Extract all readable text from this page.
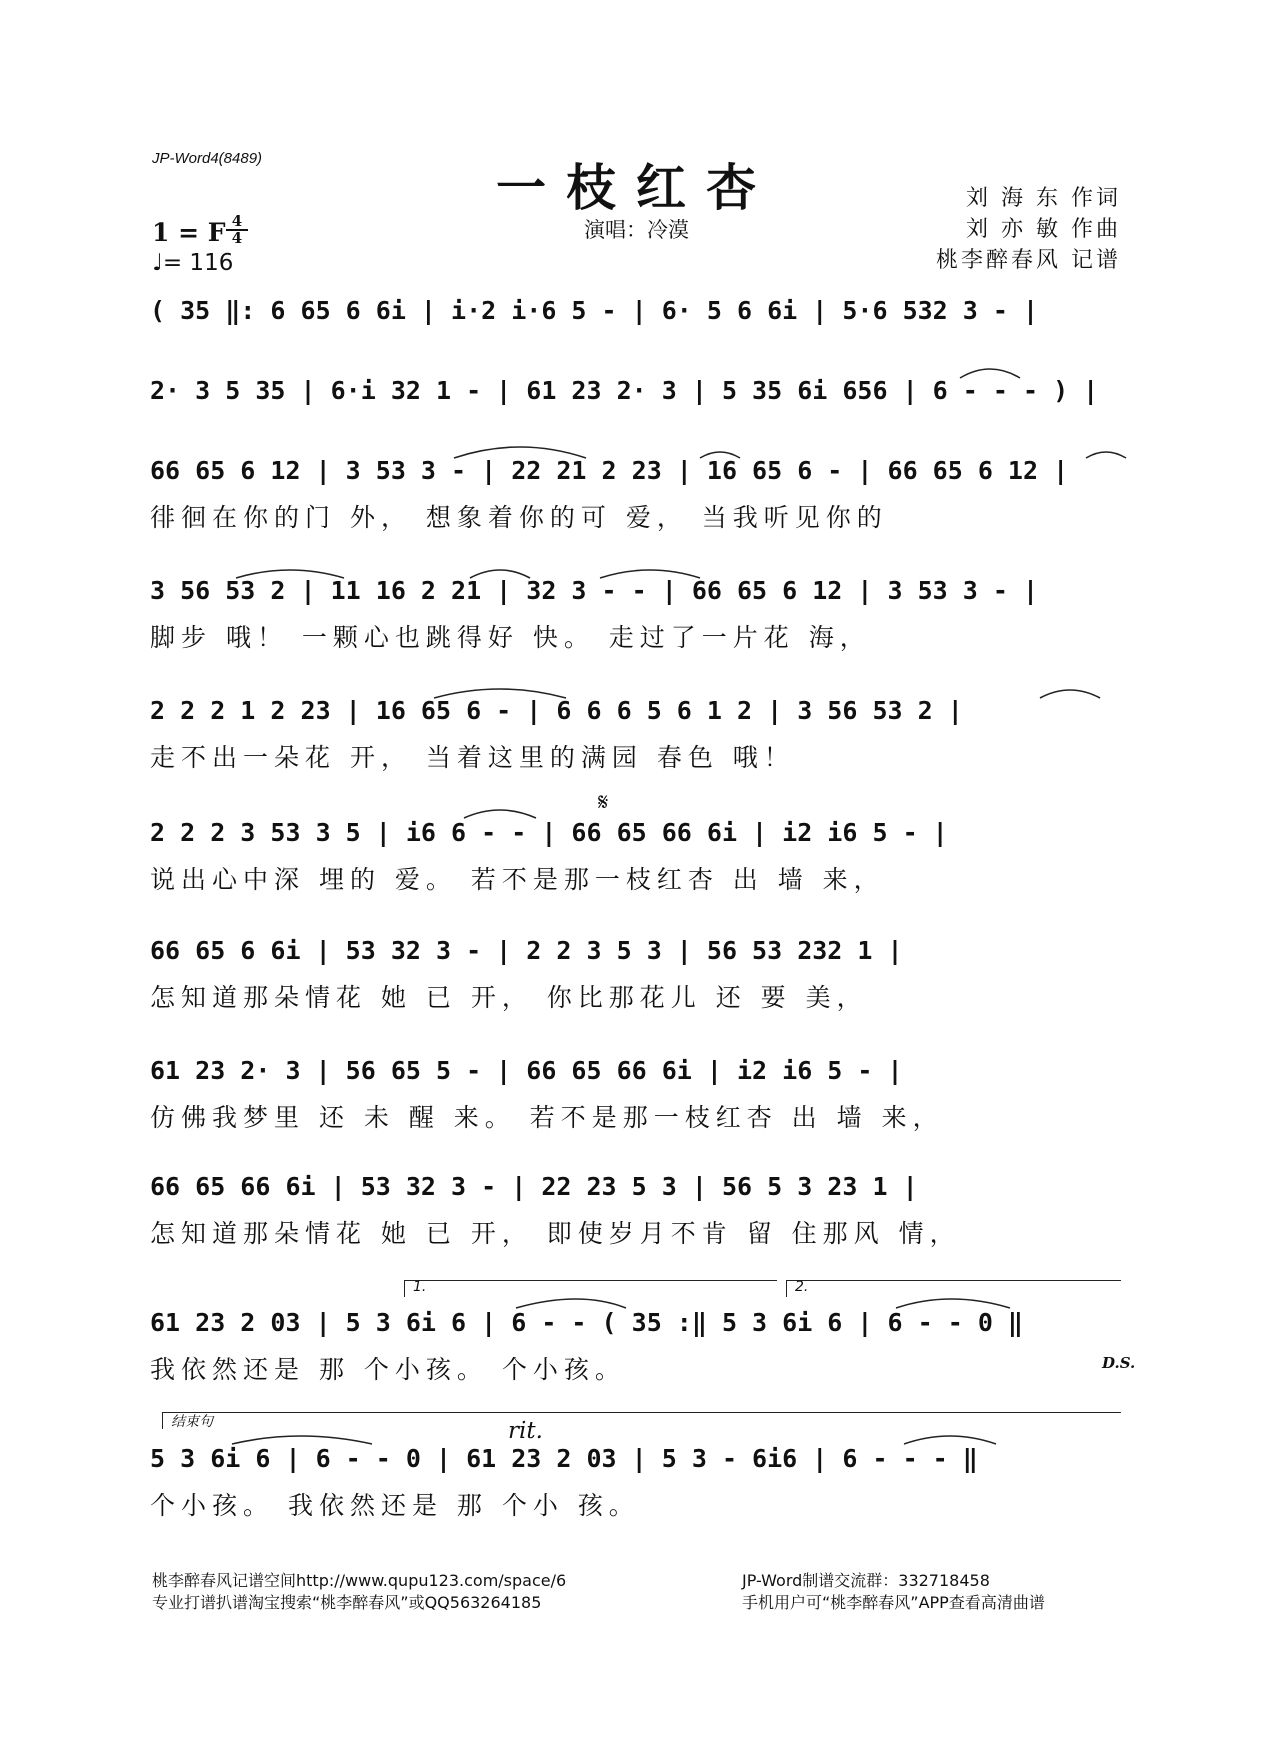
JP-Word4(8489)	一枝红杏
演唱：冷漠
1 = F $\frac{4}{4}$
♩= 116
刘 海 东 作词
刘 亦 敏 作曲
桃李醉春风 记谱
( 35 ‖: 6 65 6 6i | i·2 i·6 5 - | 6· 5 6 6i | 5·6 532 3 - |
2· 3 5 35 | 6·i 32 1 - | 61 23 2· 3 | 5 35 6i 656 | 6 - - - ) |
66 65 6 12 | 3 53 3 - | 22 21 2 23 | 16 65 6 - | 66 65 6 12 |
徘徊在你的门 外， 想象着你的可 爱， 当我听见你的
3 56 53 2 | 11 16 2 21 | 32 3 - - | 66 65 6 12 | 3 53 3 - |
脚步 哦！ 一颗心也跳得好 快。 走过了一片花 海，
2 2 2 1 2 23 | 16 65 6 - | 6 6 6 5 6 1 2 | 3 56 53 2 |
走不出一朵花 开， 当着这里的满园 春色 哦！
𝄋
2 2 2 3 53 3 5 | i6 6 - - | 66 65 66 6i | i2 i6 5 - |
说出心中深 埋的 爱。 若不是那一枝红杏 出 墙 来，
66 65 6 6i | 53 32 3 - | 2 2 3 5 3 | 56 53 232 1 |
怎知道那朵情花 她 已 开， 你比那花儿 还 要 美，
61 23 2· 3 | 56 65 5 - | 66 65 66 6i | i2 i6 5 - |
仿佛我梦里 还 未 醒 来。 若不是那一枝红杏 出 墙 来，
66 65 66 6i | 53 32 3 - | 22 23 5 3 | 56 5 3 23 1 |
怎知道那朵情花 她 已 开， 即使岁月不肯 留 住那风 情，
1.	2.
61 23 2 03 | 5 3 6i 6 | 6 - - ( 35 :‖ 5 3 6i 6 | 6 - - 0 ‖
我依然还是 那 个小孩。 个小孩。	D.S.
结束句	rit.
5 3 6i 6 | 6 - - 0 | 61 23 2 03 | 5 3 - 6i6 | 6 - - - ‖
个小孩。 我依然还是 那 个小 孩。
桃李醉春风记谱空间http://www.qupu123.com/space/6
专业打谱扒谱淘宝搜索“桃李醉春风”或QQ563264185
JP-Word制谱交流群：332718458
手机用户可“桃李醉春风”APP查看高清曲谱
